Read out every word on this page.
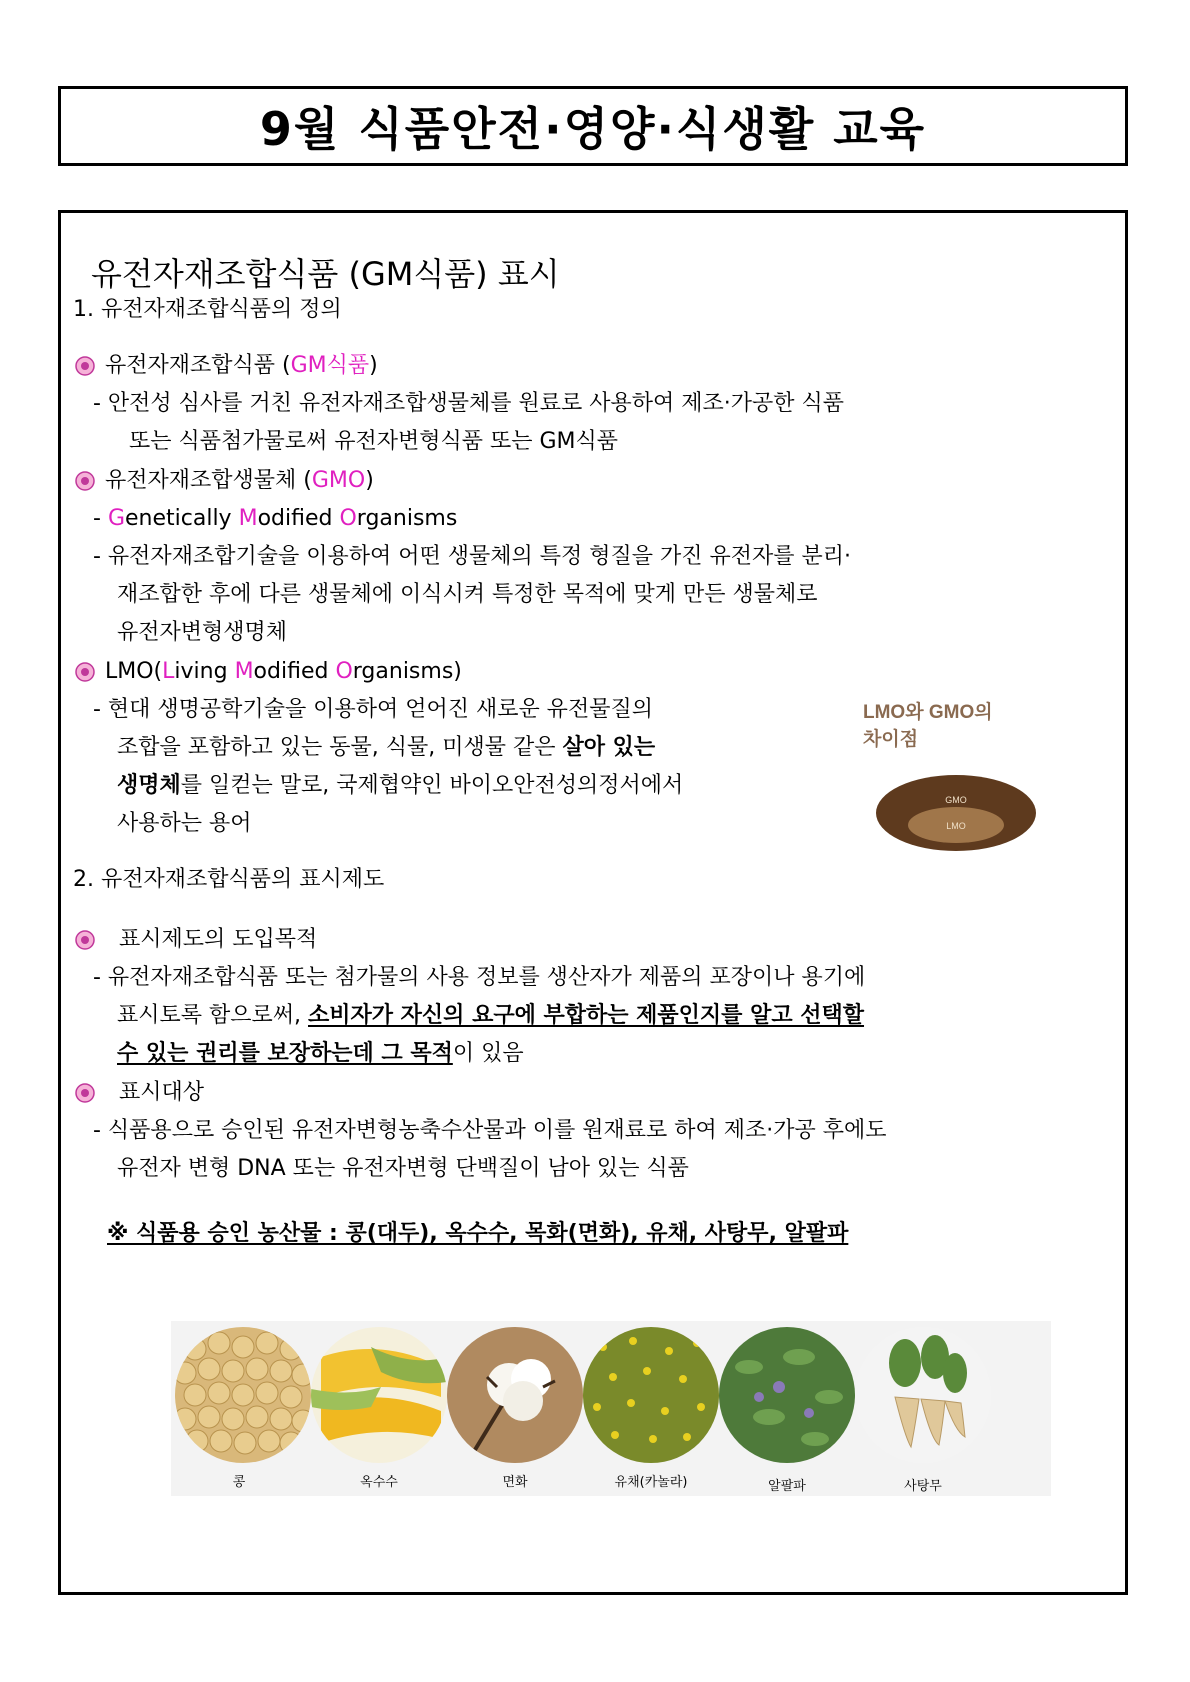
9월 식품안전·영양·식생활 교육
유전자재조합식품 (GM식품) 표시
1. 유전자재조합식품의 정의
유전자재조합식품 (GM식품)
- 안전성 심사를 거친 유전자재조합생물체를 원료로 사용하여 제조·가공한 식품
또는 식품첨가물로써 유전자변형식품 또는 GM식품
유전자재조합생물체 (GMO)
- Genetically Modified Organisms
- 유전자재조합기술을 이용하여 어떤 생물체의 특정 형질을 가진 유전자를 분리·
재조합한 후에 다른 생물체에 이식시켜 특정한 목적에 맞게 만든 생물체로
유전자변형생명체
LMO(Living Modified Organisms)
- 현대 생명공학기술을 이용하여 얻어진 새로운 유전물질의
조합을 포함하고 있는 동물, 식물, 미생물 같은 살아 있는
생명체를 일컫는 말로, 국제협약인 바이오안전성의정서에서
사용하는 용어
LMO와 GMO의
차이점
GMO
LMO
2. 유전자재조합식품의 표시제도
표시제도의 도입목적
- 유전자재조합식품 또는 첨가물의 사용 정보를 생산자가 제품의 포장이나 용기에
표시토록 함으로써, 소비자가 자신의 요구에 부합하는 제품인지를 알고 선택할
수 있는 권리를 보장하는데 그 목적이 있음
표시대상
- 식품용으로 승인된 유전자변형농축수산물과 이를 원재료로 하여 제조·가공 후에도
유전자 변형 DNA 또는 유전자변형 단백질이 남아 있는 식품
※ 식품용 승인 농산물 : 콩(대두), 옥수수, 목화(면화), 유채, 사탕무, 알팔파
콩	옥수수	면화	유채(카놀라)	알팔파	사탕무
